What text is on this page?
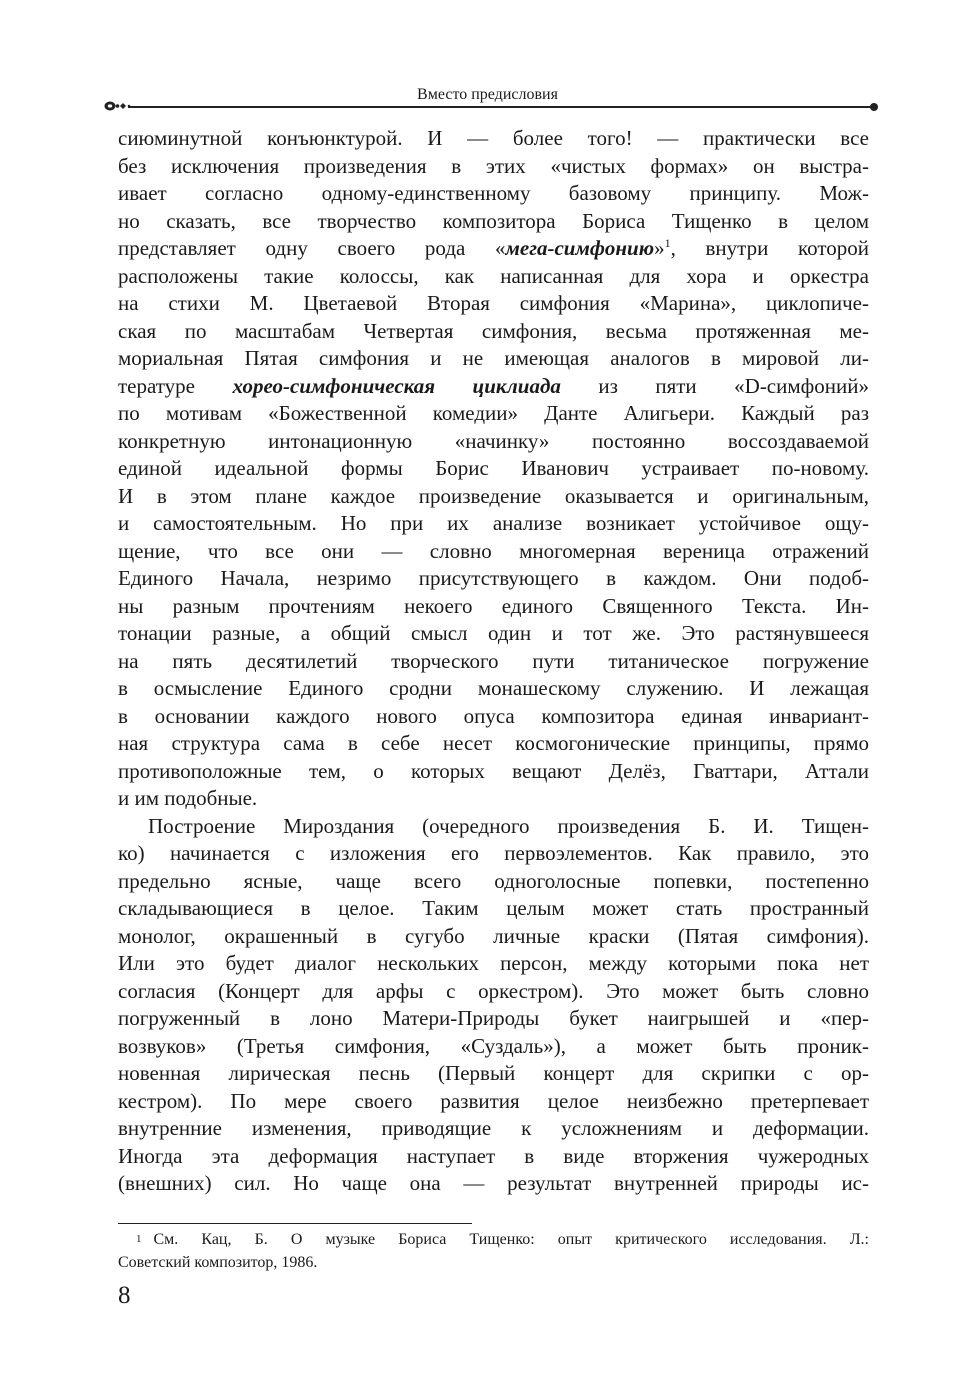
Вместо предисловия
сиюминутной конъюнктурой. И — более того! — практически все
без исключения произведения в этих «чистых формах» он выстра-
ивает согласно одному-единственному базовому принципу. Мож-
но сказать, все творчество композитора Бориса Тищенко в целом
представляет одну своего рода «мега-симфонию»$^1$, внутри которой
расположены такие колоссы, как написанная для хора и оркестра
на стихи М. Цветаевой Вторая симфония «Марина», циклопиче-
ская по масштабам Четвертая симфония, весьма протяженная ме-
мориальная Пятая симфония и не имеющая аналогов в мировой ли-
тературе хорео-симфоническая циклиада из пяти «D-симфоний»
по мотивам «Божественной комедии» Данте Алигьери. Каждый раз
конкретную интонационную «начинку» постоянно воссоздаваемой
единой идеальной формы Борис Иванович устраивает по-новому.
И в этом плане каждое произведение оказывается и оригинальным,
и самостоятельным. Но при их анализе возникает устойчивое ощу-
щение, что все они — словно многомерная вереница отражений
Единого Начала, незримо присутствующего в каждом. Они подоб-
ны разным прочтениям некоего единого Священного Текста. Ин-
тонации разные, а общий смысл один и тот же. Это растянувшееся
на пять десятилетий творческого пути титаническое погружение
в осмысление Единого сродни монашескому служению. И лежащая
в основании каждого нового опуса композитора единая инвариант-
ная структура сама в себе несет космогонические принципы, прямо
противоположные тем, о которых вещают Делёз, Гваттари, Аттали
и им подобные.
Построение Мироздания (очередного произведения Б. И. Тищен-
ко) начинается с изложения его первоэлементов. Как правило, это
предельно ясные, чаще всего одноголосные попевки, постепенно
складывающиеся в целое. Таким целым может стать пространный
монолог, окрашенный в сугубо личные краски (Пятая симфония).
Или это будет диалог нескольких персон, между которыми пока нет
согласия (Концерт для арфы с оркестром). Это может быть словно
погруженный в лоно Матери-Природы букет наигрышей и «пер-
возвуков» (Третья симфония, «Суздаль»), а может быть проник-
новенная лирическая песнь (Первый концерт для скрипки с ор-
кестром). По мере своего развития целое неизбежно претерпевает
внутренние изменения, приводящие к усложнениям и деформации.
Иногда эта деформация наступает в виде вторжения чужеродных
(внешних) сил. Но чаще она — результат внутренней природы ис-
$^1$ См. Кац, Б. О музыке Бориса Тищенко: опыт критического исследования. Л.:
Советский композитор, 1986.
8
